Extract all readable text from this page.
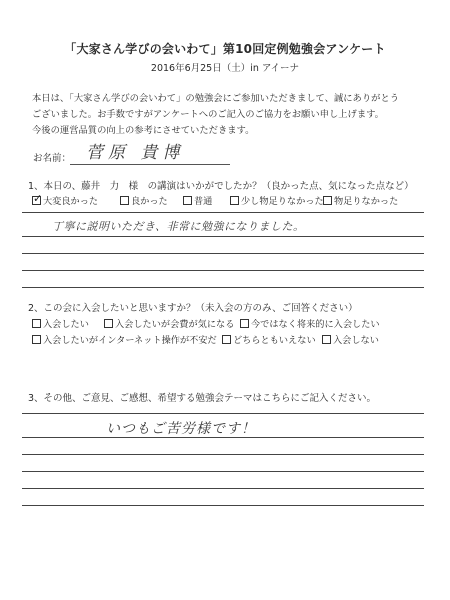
「大家さん学びの会いわて」第10回定例勉強会アンケート
2016年6月25日（土）in アイーナ
本日は、「大家さん学びの会いわて」の勉強会にご参加いただきまして、誠にありがとう
ございました。お手数ですがアンケートへのご記入のご協力をお願い申し上げます。
今後の運営品質の向上の参考にさせていただきます。
お名前： 菅原 貴博
1、本日の、藤井　力　様　の講演はいかがでしたか？（良かった点、気になった点など）
✓ 大変良かった	良かった	普通	少し物足りなかった	物足りなかった
丁寧に説明いただき、非常に勉強になりました。
2、この会に入会したいと思いますか？（未入会の方のみ、ご回答ください）
入会したい	入会したいが会費が気になる	今ではなく将来的に入会したい
入会したいがインターネット操作が不安だ	どちらともいえない	入会しない
3、その他、ご意見、ご感想、希望する勉強会テーマはこちらにご記入ください。
いつもご苦労様です！
